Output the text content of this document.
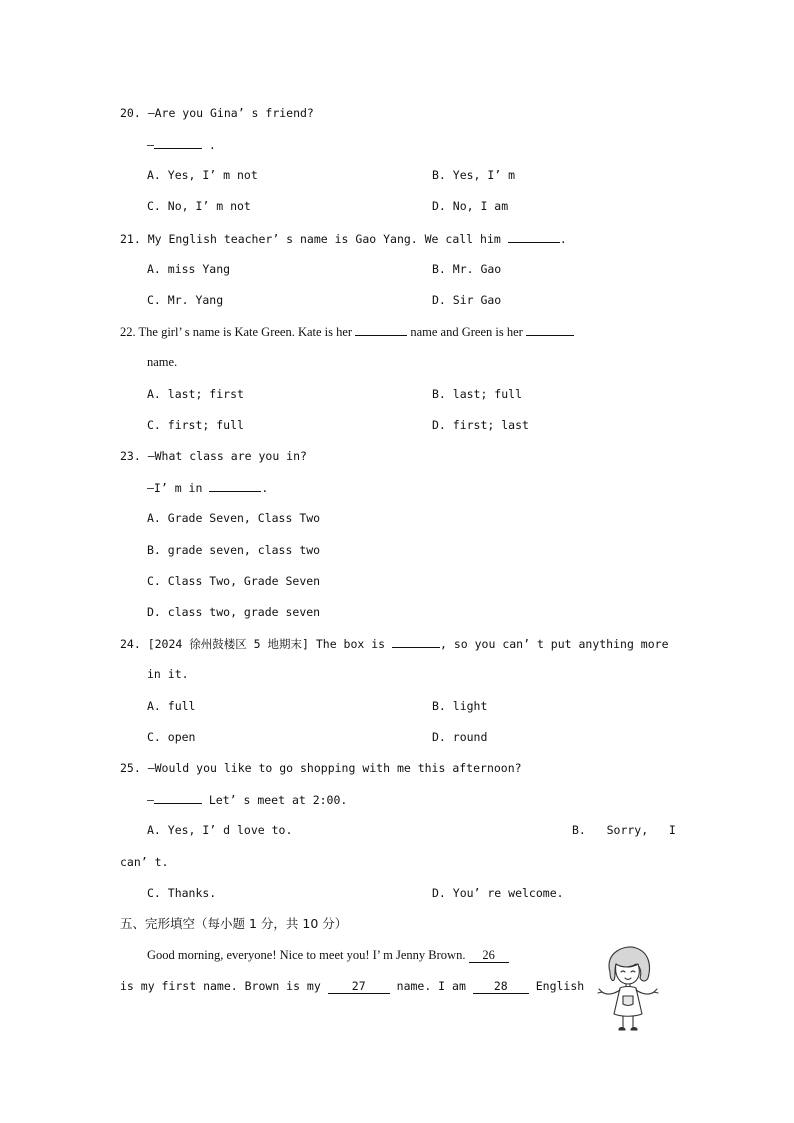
20. —Are you Gina’ s friend?
—	.
A. Yes, I’ m not	B. Yes, I’ m
C. No, I’ m not	D. No, I am
21. My English teacher’ s name is Gao Yang. We call him	.
A. miss Yang	B. Mr. Gao
C. Mr. Yang	D. Sir Gao
22. The girl’ s name is Kate Green. Kate is her	name and Green is her
name.
A. last; first	B. last; full
C. first; full	D. first; last
23. —What class are you in?
—I’ m in	.
A. Grade Seven, Class Two
B. grade seven, class two
C. Class Two, Grade Seven
D. class two, grade seven
24. [2024 徐州鼓楼区 5 地期末] The box is	, so you can’ t put anything more
in it.
A. full	B. light
C. open	D. round
25. —Would you like to go shopping with me this afternoon?
—	Let’ s meet at 2:00.
A. Yes, I’ d love to.	B.   Sorry,   I
can’ t.
C. Thanks.	D. You’ re welcome.
五、完形填空（每小题 1 分，共 10 分）
Good morning, everyone! Nice to meet you! I’ m Jenny Brown. 26
is my first name. Brown is my 27 name. I am 28 English
